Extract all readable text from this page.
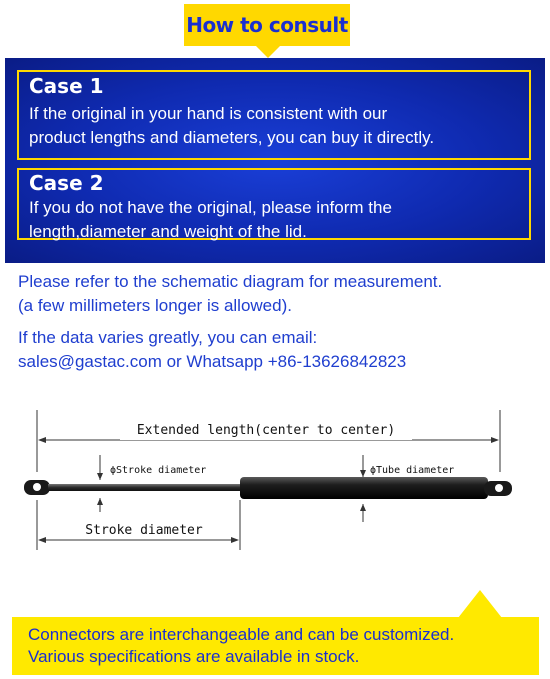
How to consult
Case 1
If the original in your hand is consistent with our
product lengths and diameters, you can buy it directly.
Case 2
If you do not have the original, please inform the
length,diameter and weight of the lid.
Please refer to the schematic diagram for measurement.
(a few millimeters longer is allowed).
If the data varies greatly, you can email:
sales@gastac.com or Whatsapp +86-13626842823
Extended length(center to center)
ϕStroke diameter	ϕTube diameter
Stroke diameter
Connectors are interchangeable and can be customized.
Various specifications are available in stock.
